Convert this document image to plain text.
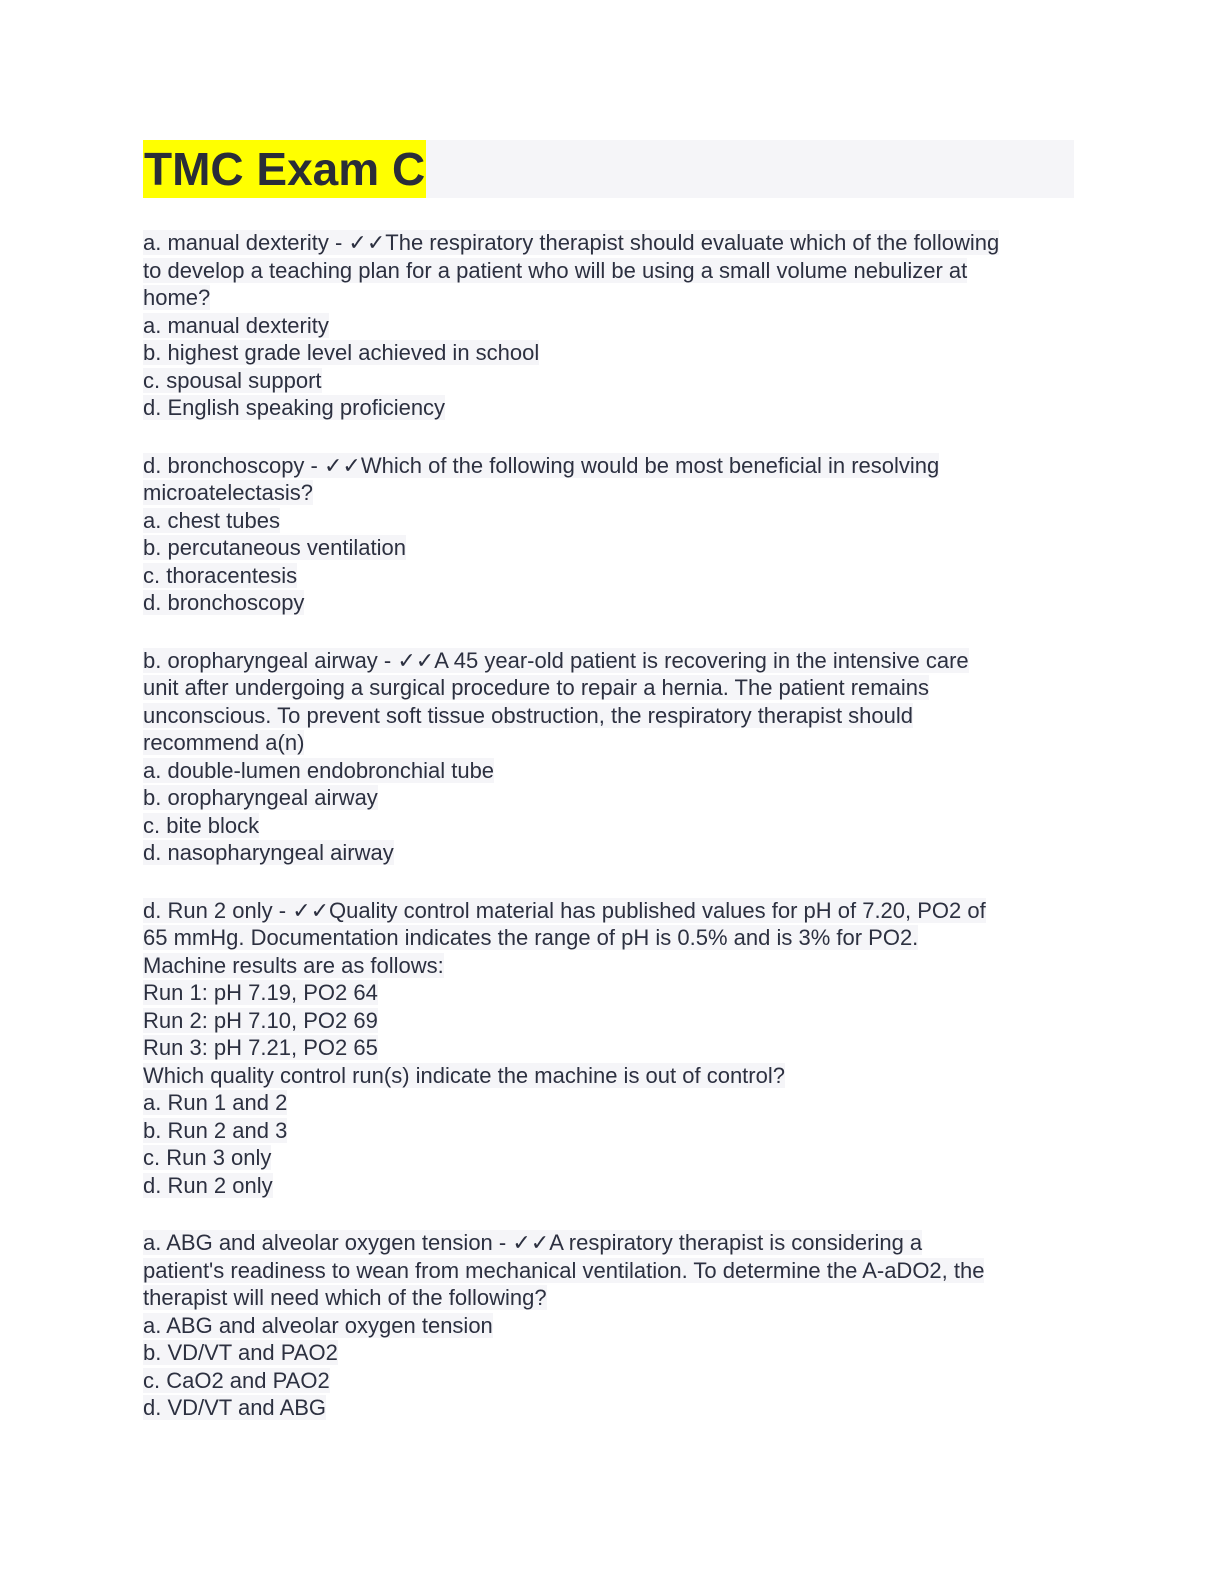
TMC Exam C
a. manual dexterity - ✓✓The respiratory therapist should evaluate which of the following
to develop a teaching plan for a patient who will be using a small volume nebulizer at
home?
a. manual dexterity
b. highest grade level achieved in school
c. spousal support
d. English speaking proficiency
d. bronchoscopy - ✓✓Which of the following would be most beneficial in resolving
microatelectasis?
a. chest tubes
b. percutaneous ventilation
c. thoracentesis
d. bronchoscopy
b. oropharyngeal airway - ✓✓A 45 year-old patient is recovering in the intensive care
unit after undergoing a surgical procedure to repair a hernia. The patient remains
unconscious. To prevent soft tissue obstruction, the respiratory therapist should
recommend a(n)
a. double-lumen endobronchial tube
b. oropharyngeal airway
c. bite block
d. nasopharyngeal airway
d. Run 2 only - ✓✓Quality control material has published values for pH of 7.20, PO2 of
65 mmHg. Documentation indicates the range of pH is 0.5% and is 3% for PO2.
Machine results are as follows:
Run 1: pH 7.19, PO2 64
Run 2: pH 7.10, PO2 69
Run 3: pH 7.21, PO2 65
Which quality control run(s) indicate the machine is out of control?
a. Run 1 and 2
b. Run 2 and 3
c. Run 3 only
d. Run 2 only
a. ABG and alveolar oxygen tension - ✓✓A respiratory therapist is considering a
patient's readiness to wean from mechanical ventilation. To determine the A-aDO2, the
therapist will need which of the following?
a. ABG and alveolar oxygen tension
b. VD/VT and PAO2
c. CaO2 and PAO2
d. VD/VT and ABG
